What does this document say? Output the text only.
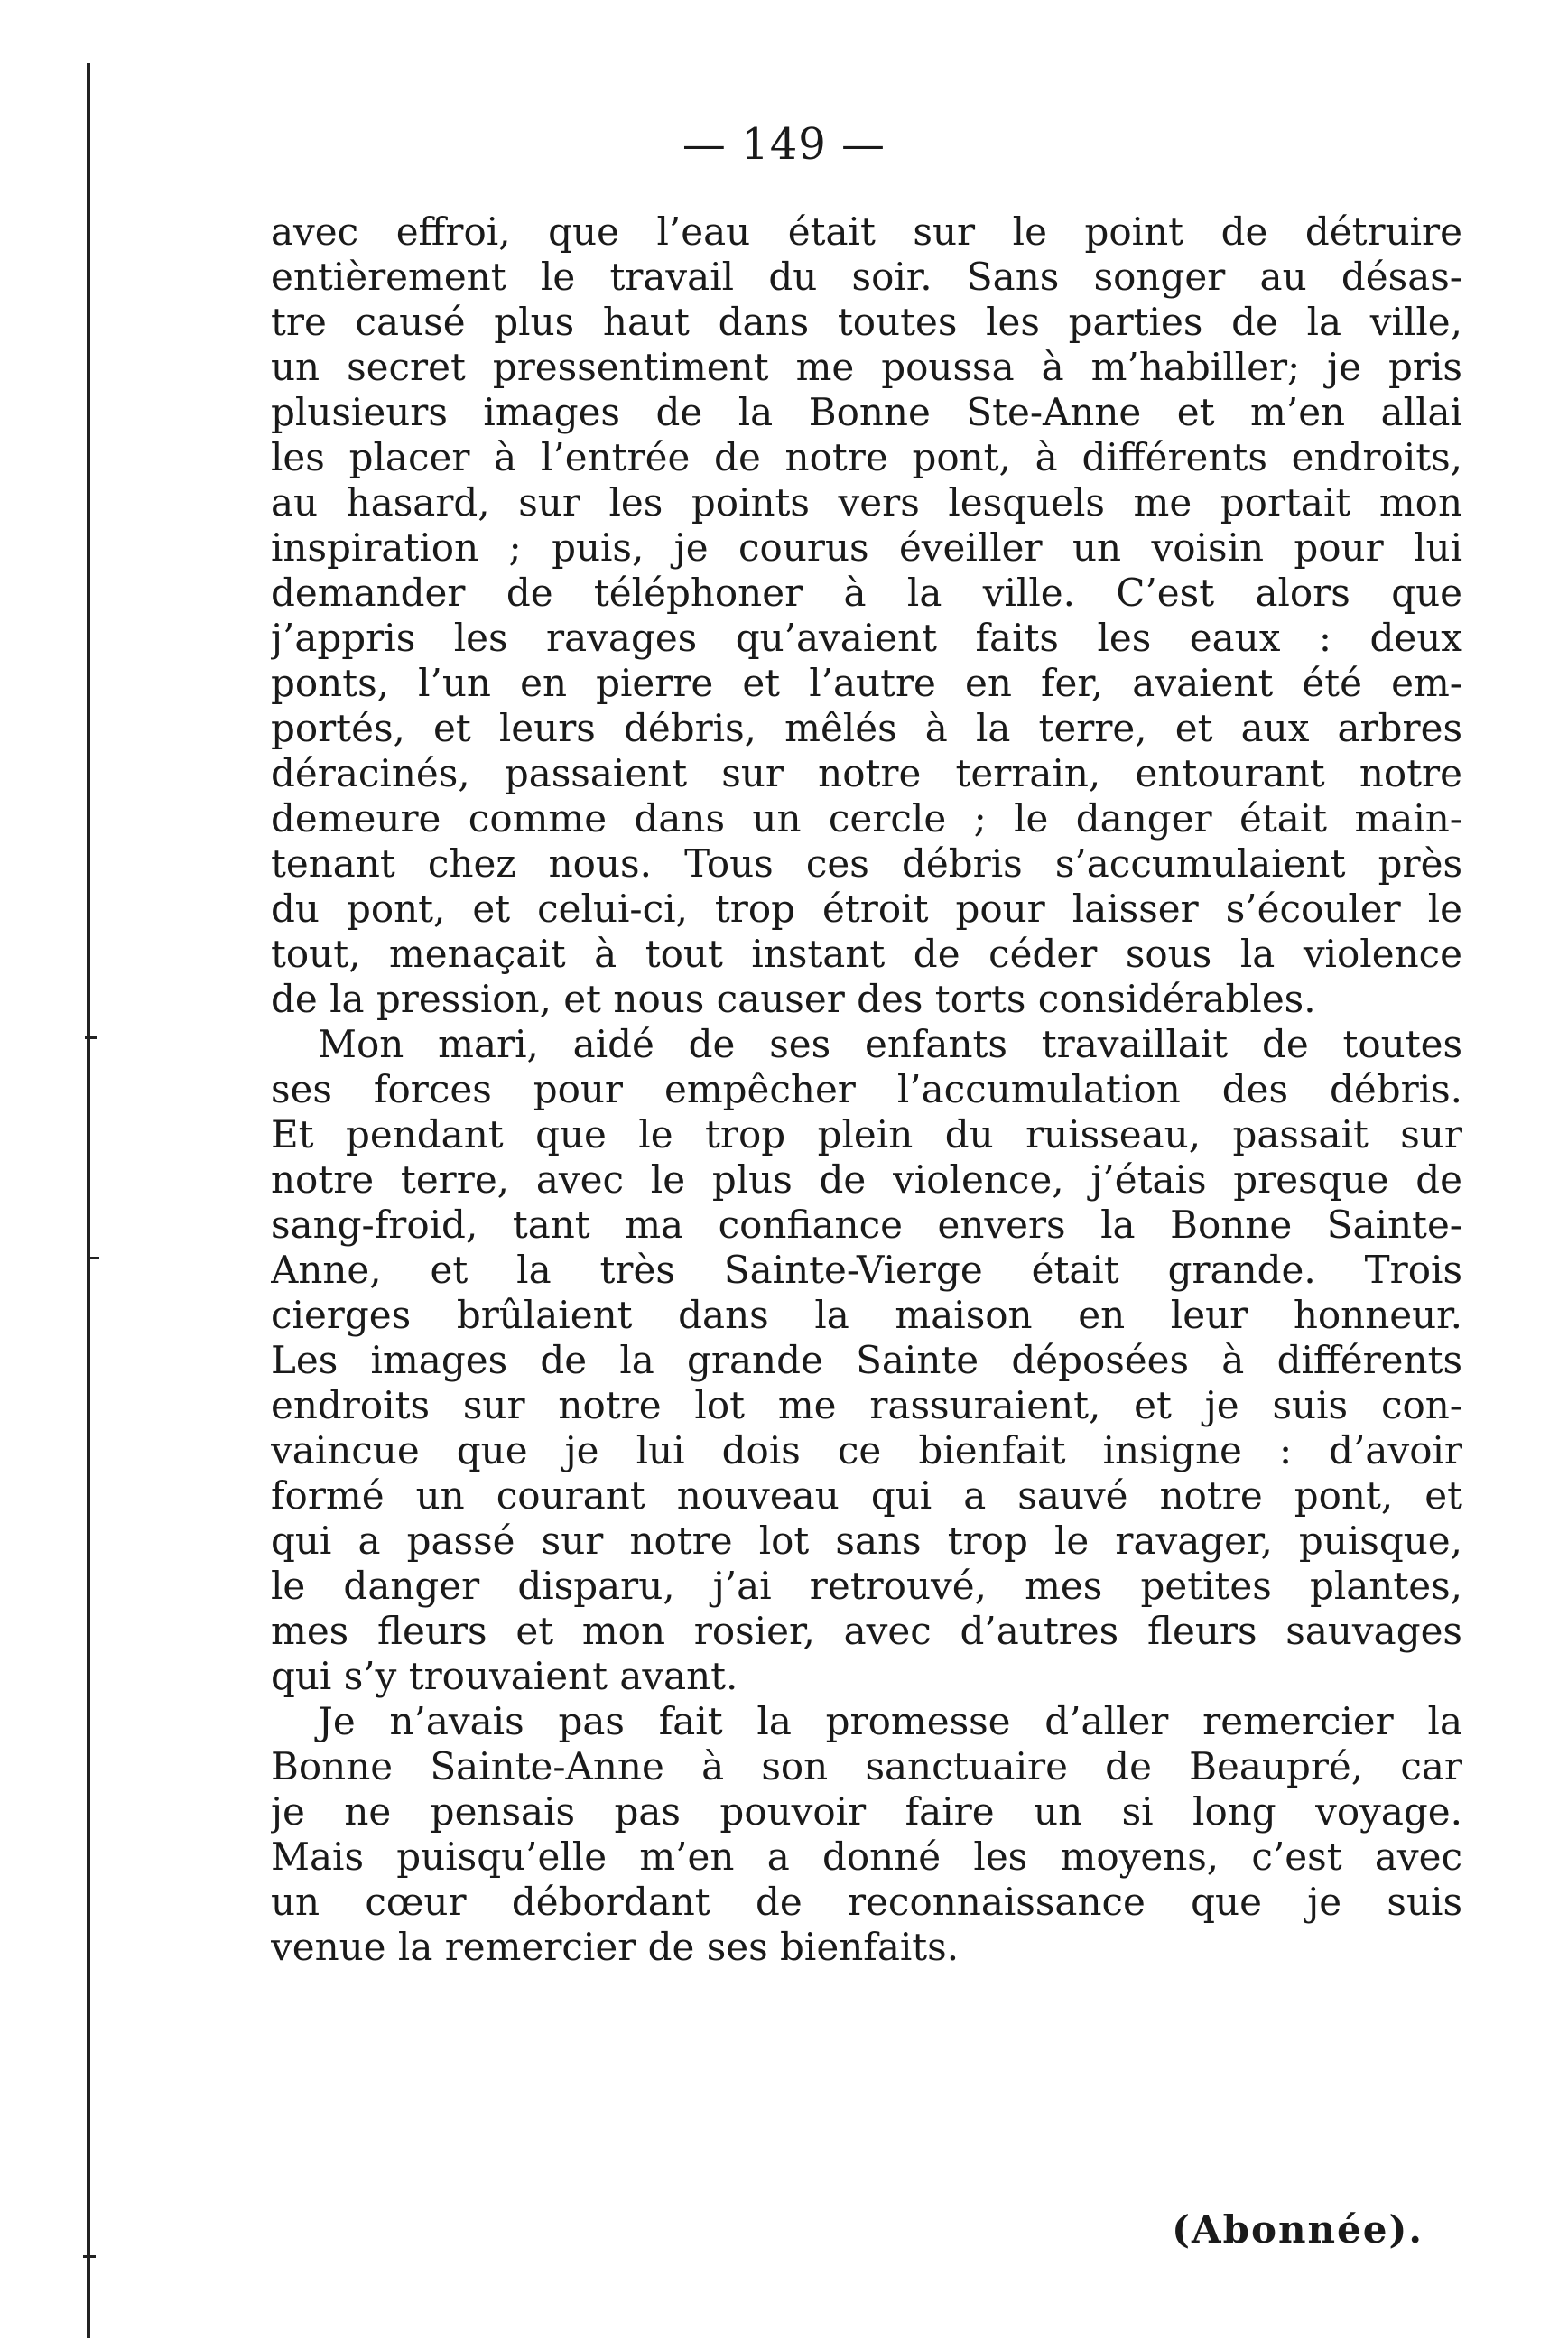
— 149 —
avec effroi, que l’eau était sur le point de détruire
entièrement le travail du soir. Sans songer au désas-
tre causé plus haut dans toutes les parties de la ville,
un secret pressentiment me poussa à m’habiller; je pris
plusieurs images de la Bonne Ste-Anne et m’en allai
les placer à l’entrée de notre pont, à différents endroits,
au hasard, sur les points vers lesquels me portait mon
inspiration ; puis, je courus éveiller un voisin pour lui
demander de téléphoner à la ville. C’est alors que
j’appris les ravages qu’avaient faits les eaux : deux
ponts, l’un en pierre et l’autre en fer, avaient été em-
portés, et leurs débris, mêlés à la terre, et aux arbres
déracinés, passaient sur notre terrain, entourant notre
demeure comme dans un cercle ; le danger était main-
tenant chez nous. Tous ces débris s’accumulaient près
du pont, et celui-ci, trop étroit pour laisser s’écouler le
tout, menaçait à tout instant de céder sous la violence
de la pression, et nous causer des torts considérables.
Mon mari, aidé de ses enfants travaillait de toutes
ses forces pour empêcher l’accumulation des débris.
Et pendant que le trop plein du ruisseau, passait sur
notre terre, avec le plus de violence, j’étais presque de
sang-froid, tant ma confiance envers la Bonne Sainte-
Anne, et la très Sainte-Vierge était grande. Trois
cierges brûlaient dans la maison en leur honneur.
Les images de la grande Sainte déposées à différents
endroits sur notre lot me rassuraient, et je suis con-
vaincue que je lui dois ce bienfait insigne : d’avoir
formé un courant nouveau qui a sauvé notre pont, et
qui a passé sur notre lot sans trop le ravager, puisque,
le danger disparu, j’ai retrouvé, mes petites plantes,
mes fleurs et mon rosier, avec d’autres fleurs sauvages
qui s’y trouvaient avant.
Je n’avais pas fait la promesse d’aller remercier la
Bonne Sainte-Anne à son sanctuaire de Beaupré, car
je ne pensais pas pouvoir faire un si long voyage.
Mais puisqu’elle m’en a donné les moyens, c’est avec
un cœur débordant de reconnaissance que je suis
venue la remercier de ses bienfaits.
(Abonnée).
